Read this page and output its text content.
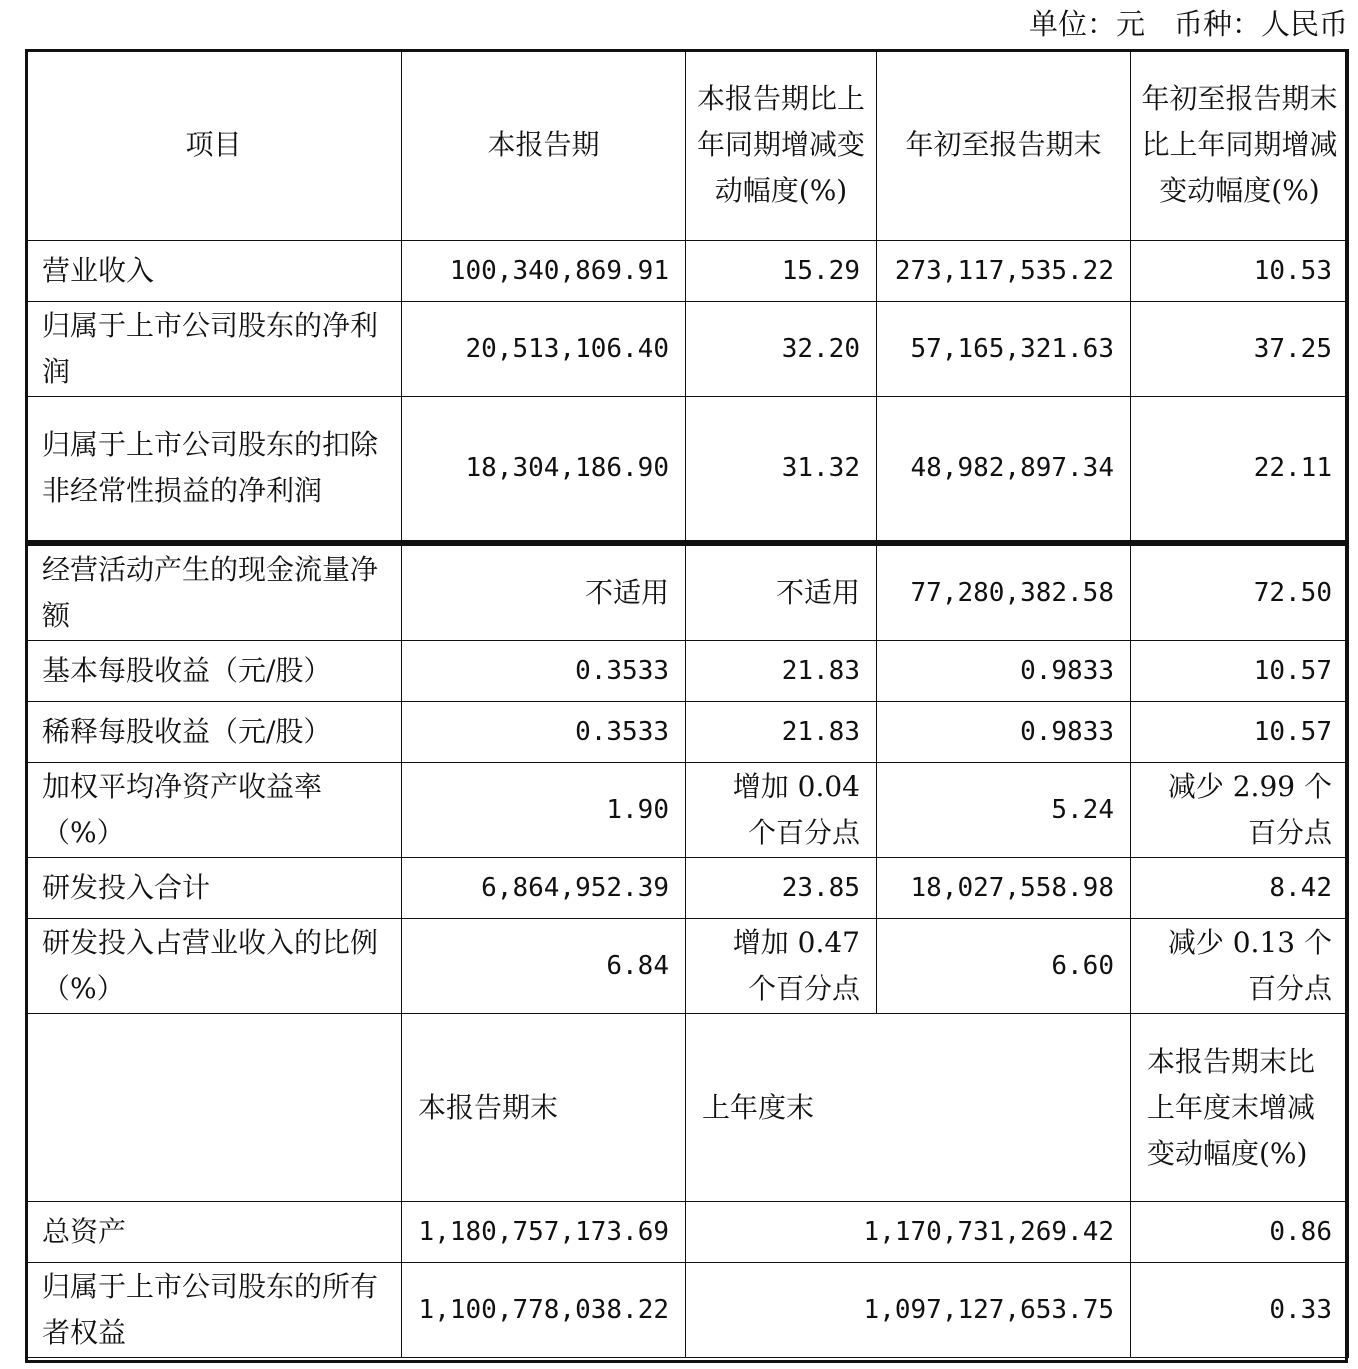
单位：元　币种：人民币
项目	本报告期	本报告期比上年同期增减变动幅度(%)	年初至报告期末	年初至报告期末比上年同期增减变动幅度(%)
营业收入	100,340,869.91	15.29	273,117,535.22	10.53
归属于上市公司股东的净利润	20,513,106.40	32.20	57,165,321.63	37.25
归属于上市公司股东的扣除非经常性损益的净利润	18,304,186.90	31.32	48,982,897.34	22.11
经营活动产生的现金流量净额	不适用	不适用	77,280,382.58	72.50
基本每股收益（元/股）	0.3533	21.83	0.9833	10.57
稀释每股收益（元/股）	0.3533	21.83	0.9833	10.57
加权平均净资产收益率（%）	1.90	增加 0.04 个百分点	5.24	减少 2.99 个百分点
研发投入合计	6,864,952.39	23.85	18,027,558.98	8.42
研发投入占营业收入的比例（%）	6.84	增加 0.47 个百分点	6.60	减少 0.13 个百分点
	本报告期末	上年度末		本报告期末比上年度末增减变动幅度(%)
总资产	1,180,757,173.69	1,170,731,269.42		0.86
归属于上市公司股东的所有者权益	1,100,778,038.22	1,097,127,653.75		0.33
